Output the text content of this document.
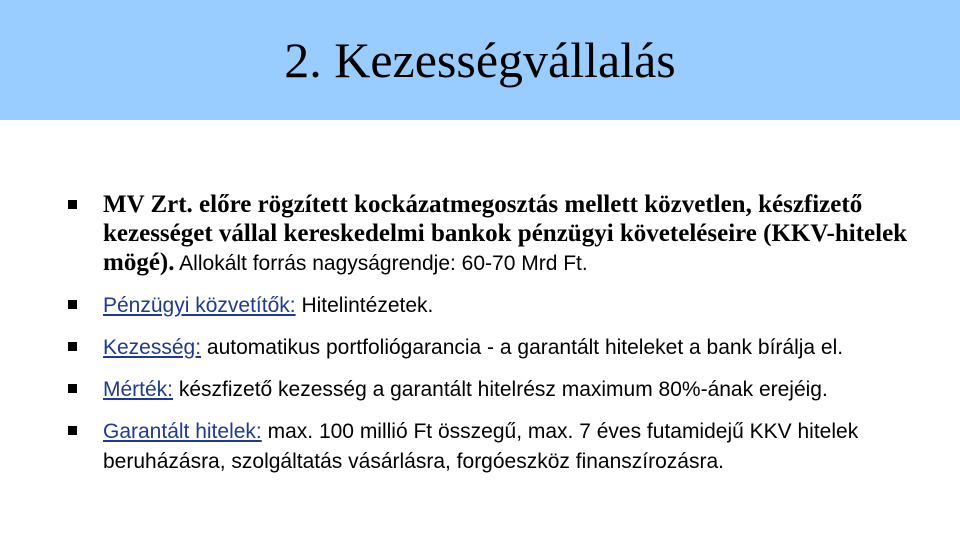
2. Kezességvállalás
MV Zrt. előre rögzített kockázatmegosztás mellett közvetlen, készfizető kezességet vállal kereskedelmi bankok pénzügyi követeléseire (KKV-hitelek mögé). Allokált forrás nagyságrendje: 60-70 Mrd Ft.
Pénzügyi közvetítők: Hitelintézetek.
Kezesség: automatikus portfoliógarancia - a garantált hiteleket a bank bírálja el.
Mérték: készfizető kezesség a garantált hitelrész maximum 80%-ának erejéig.
Garantált hitelek: max. 100 millió Ft összegű, max. 7 éves futamidejű KKV hitelek beruházásra, szolgáltatás vásárlásra, forgóeszköz finanszírozásra.
